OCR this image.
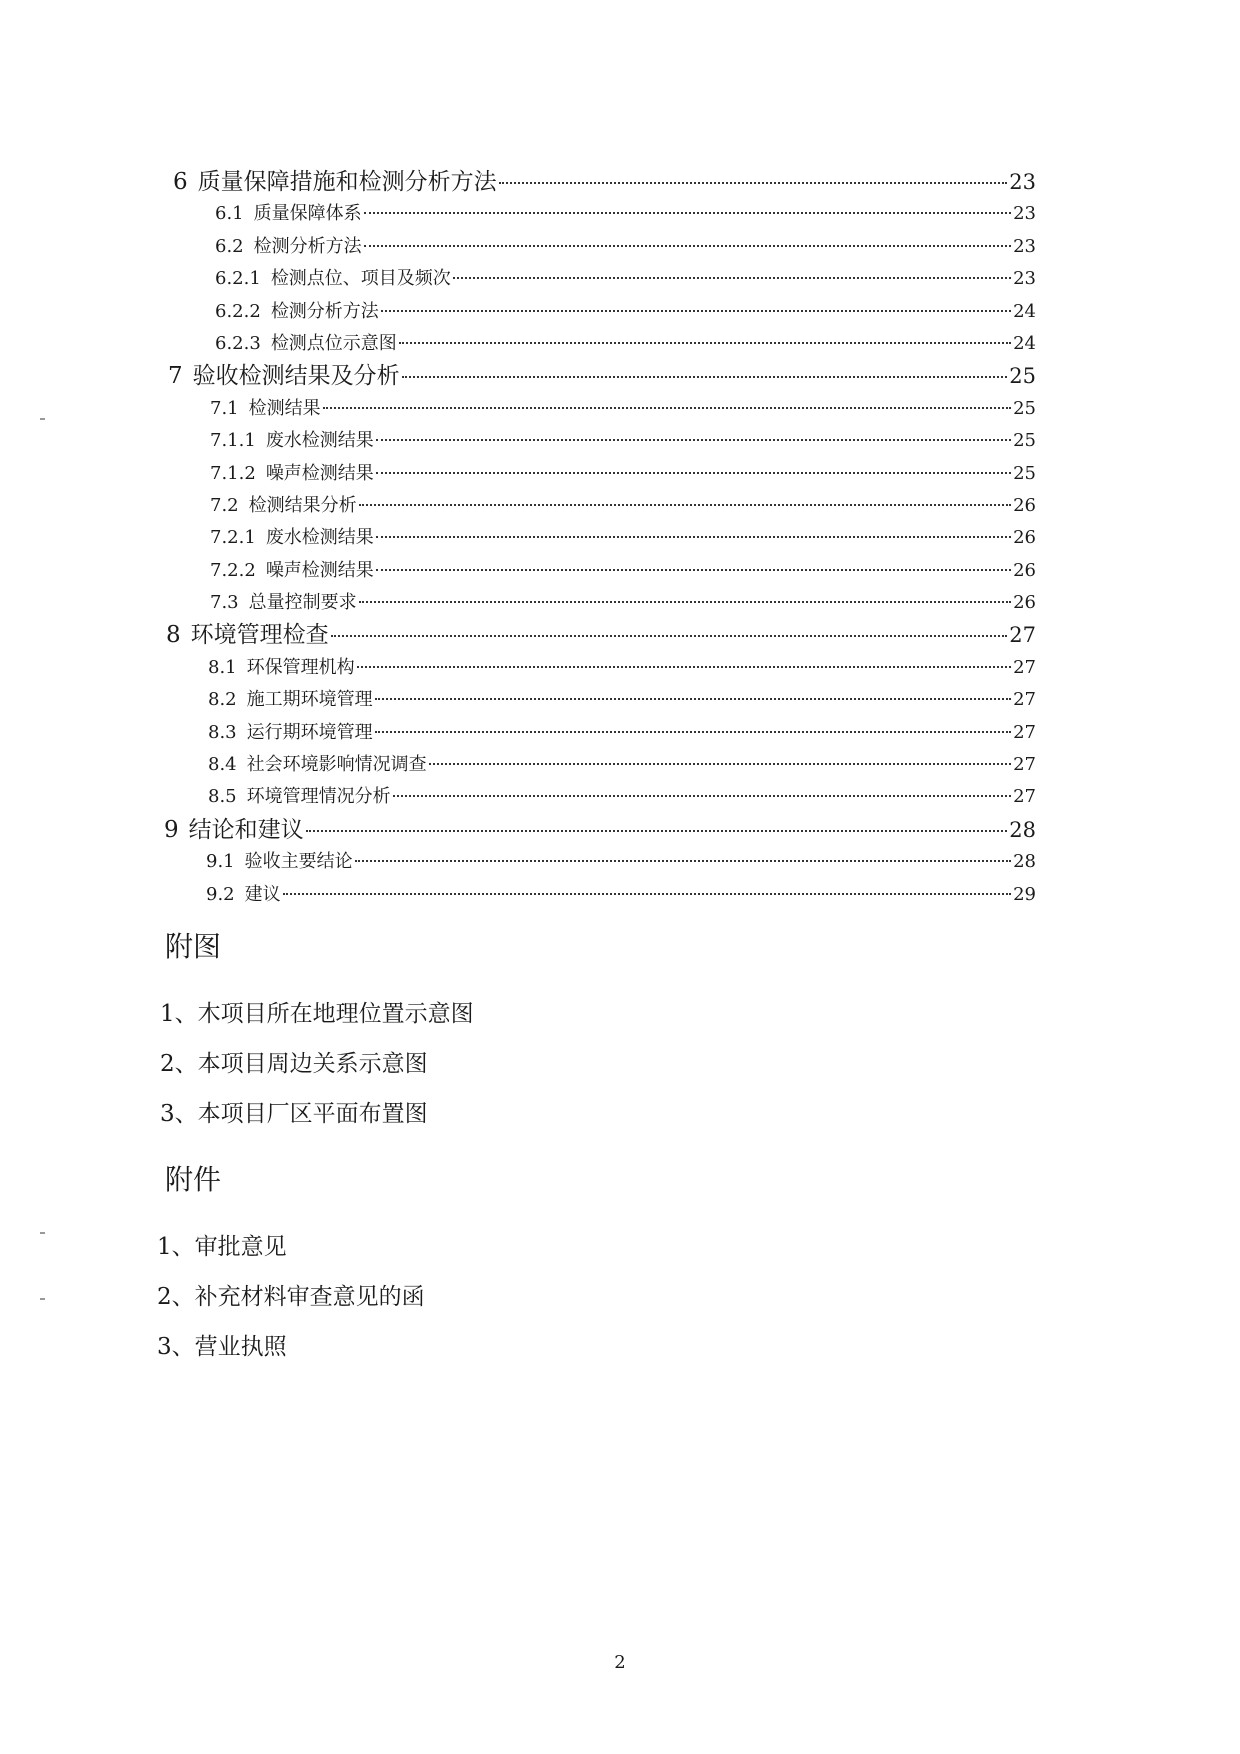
6 质量保障措施和检测分析方法	23
6.1 质量保障体系	23
6.2 检测分析方法	23
6.2.1 检测点位、项目及频次	23
6.2.2 检测分析方法	24
6.2.3 检测点位示意图	24
7 验收检测结果及分析	25
7.1 检测结果	25
7.1.1 废水检测结果	25
7.1.2 噪声检测结果	25
7.2 检测结果分析	26
7.2.1 废水检测结果	26
7.2.2 噪声检测结果	26
7.3 总量控制要求	26
8 环境管理检查	27
8.1 环保管理机构	27
8.2 施工期环境管理	27
8.3 运行期环境管理	27
8.4 社会环境影响情况调查	27
8.5 环境管理情况分析	27
9 结论和建议	28
9.1 验收主要结论	28
9.2 建议	29
附图
1、木项目所在地理位置示意图
2、本项目周边关系示意图
3、本项目厂区平面布置图
附件
1、审批意见
2、补充材料审查意见的函
3、营业执照
2
